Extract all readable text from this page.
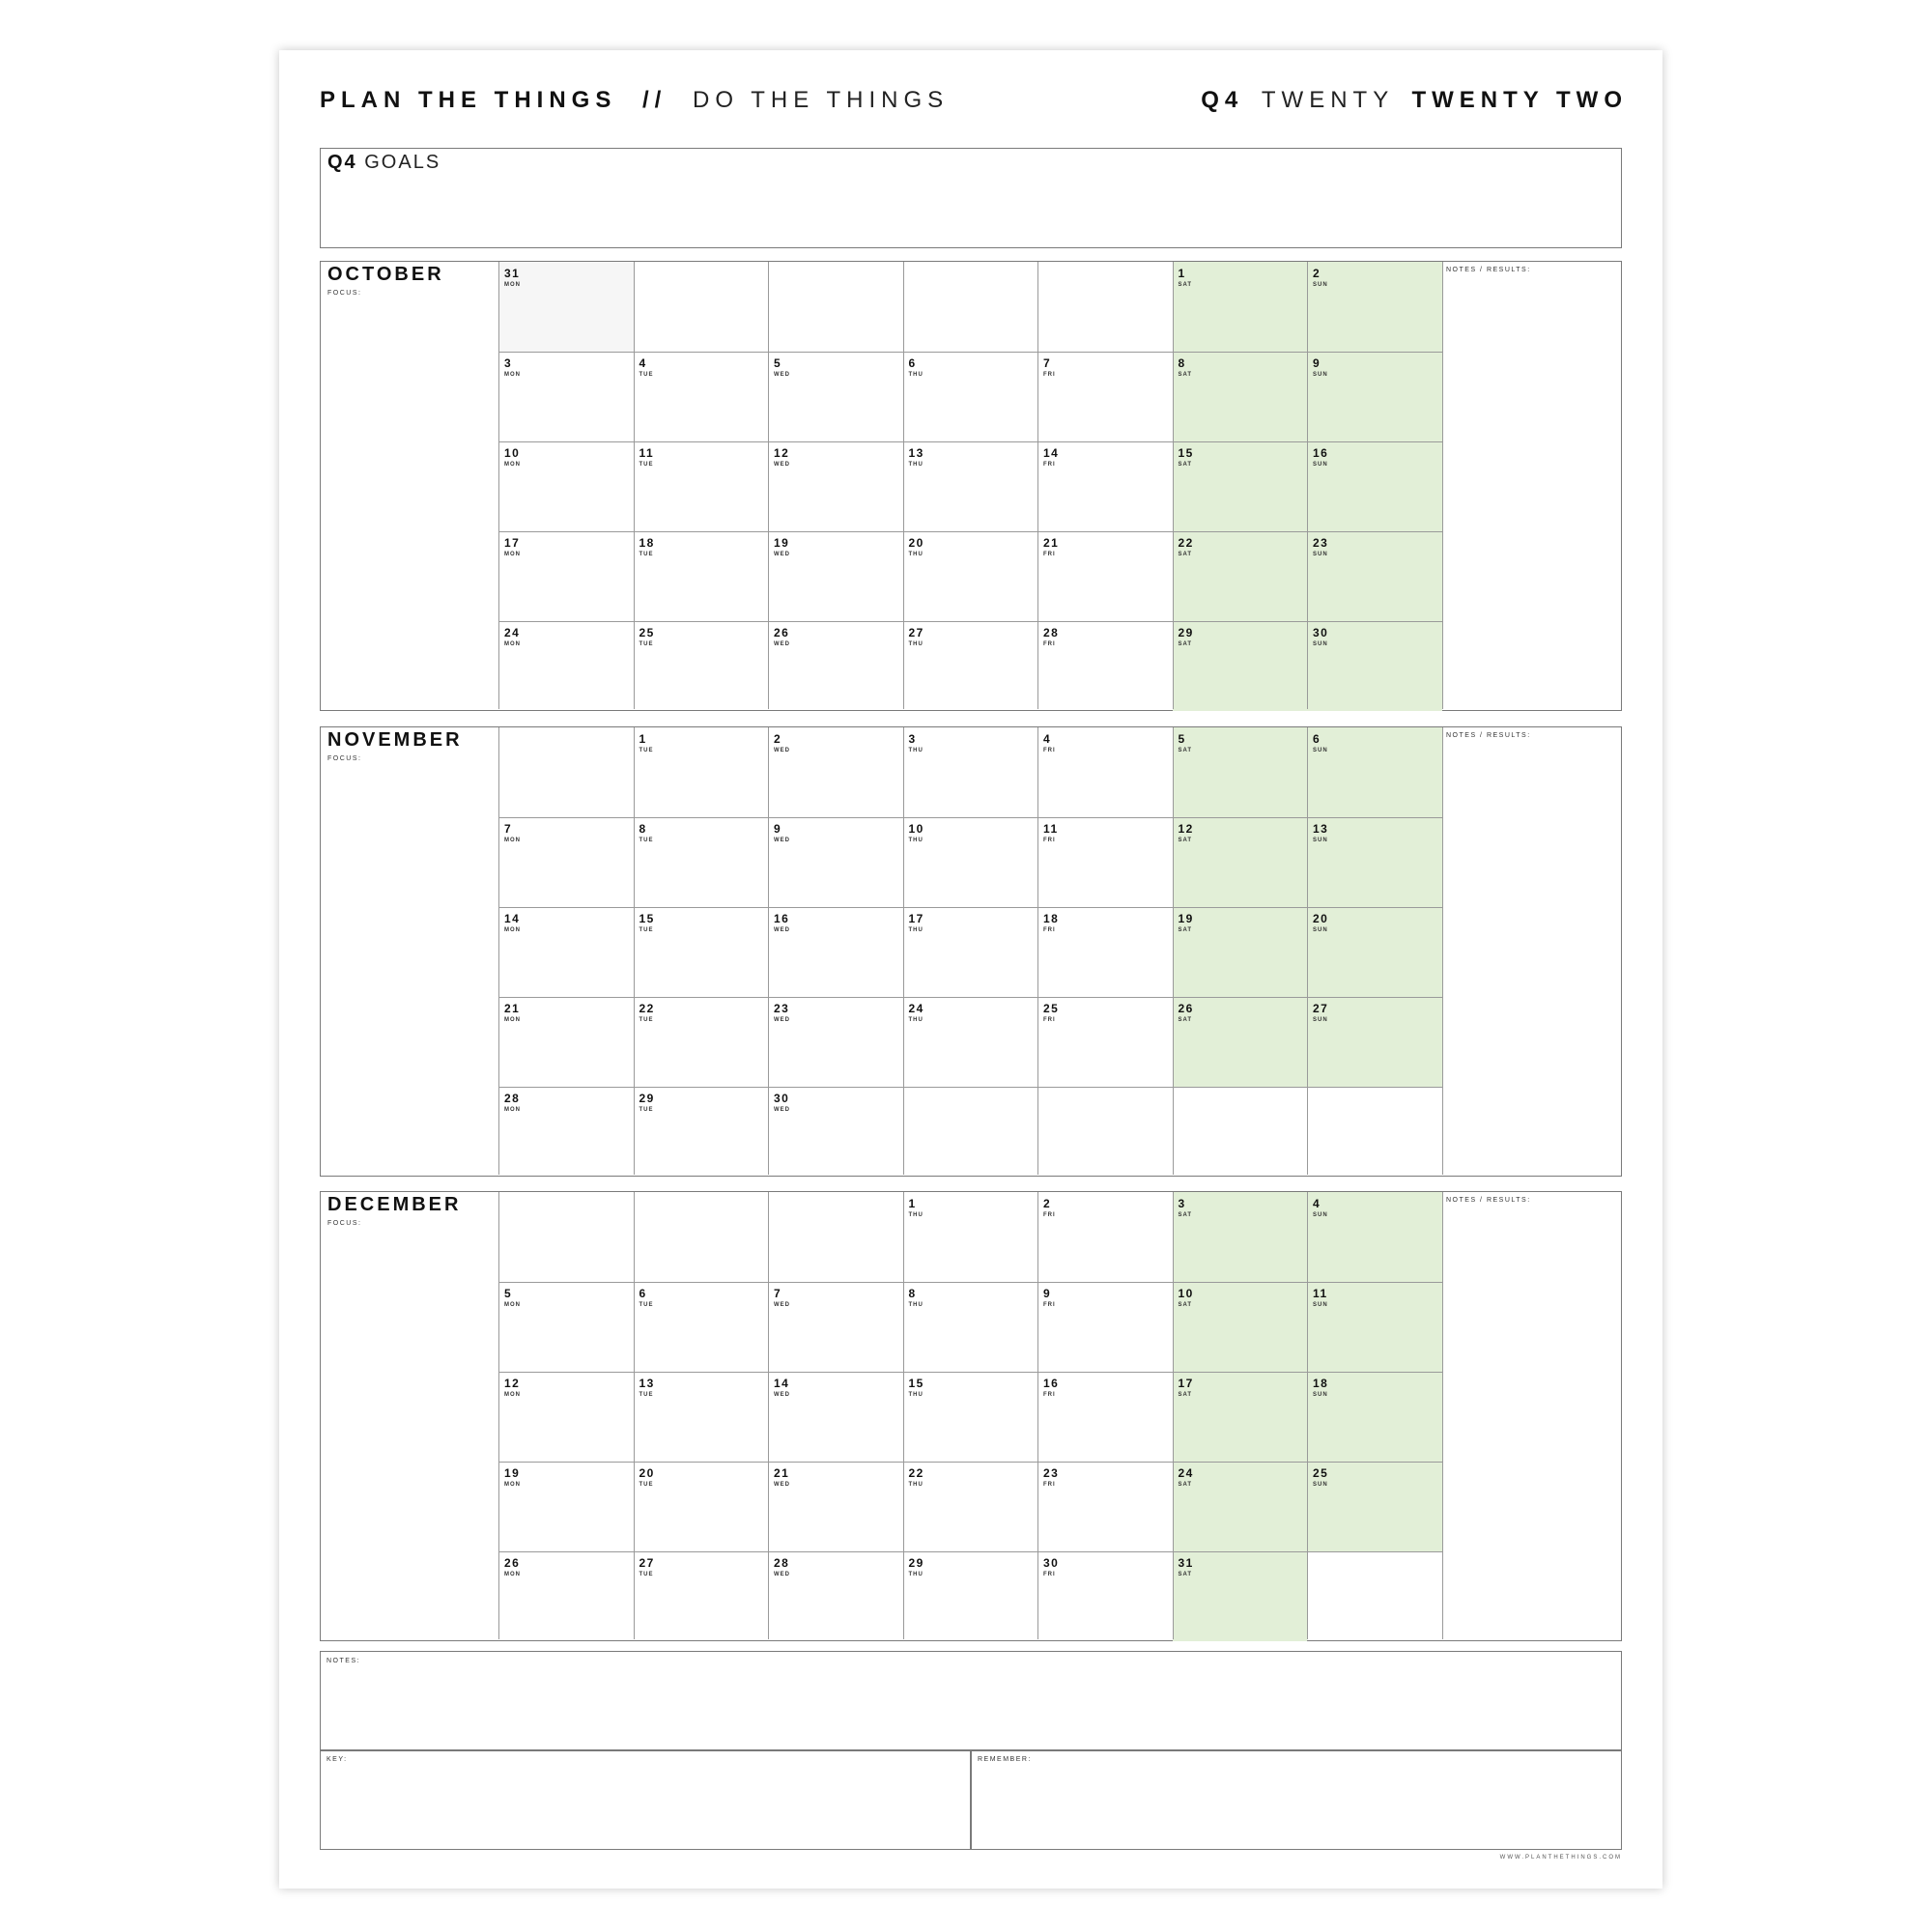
PLAN THE THINGS // DO THE THINGS	Q4 TWENTY TWENTY TWO
Q4 GOALS
OCTOBER
FOCUS:
NOTES / RESULTS:
31
MON
1
SAT
2
SUN
3
MON
4
TUE
5
WED
6
THU
7
FRI
8
SAT
9
SUN
10
MON
11
TUE
12
WED
13
THU
14
FRI
15
SAT
16
SUN
17
MON
18
TUE
19
WED
20
THU
21
FRI
22
SAT
23
SUN
24
MON
25
TUE
26
WED
27
THU
28
FRI
29
SAT
30
SUN
NOVEMBER
FOCUS:
NOTES / RESULTS:
1
TUE
2
WED
3
THU
4
FRI
5
SAT
6
SUN
7
MON
8
TUE
9
WED
10
THU
11
FRI
12
SAT
13
SUN
14
MON
15
TUE
16
WED
17
THU
18
FRI
19
SAT
20
SUN
21
MON
22
TUE
23
WED
24
THU
25
FRI
26
SAT
27
SUN
28
MON
29
TUE
30
WED
DECEMBER
FOCUS:
NOTES / RESULTS:
1
THU
2
FRI
3
SAT
4
SUN
5
MON
6
TUE
7
WED
8
THU
9
FRI
10
SAT
11
SUN
12
MON
13
TUE
14
WED
15
THU
16
FRI
17
SAT
18
SUN
19
MON
20
TUE
21
WED
22
THU
23
FRI
24
SAT
25
SUN
26
MON
27
TUE
28
WED
29
THU
30
FRI
31
SAT
NOTES:
KEY:	REMEMBER:
WWW.PLANTHETHINGS.COM
